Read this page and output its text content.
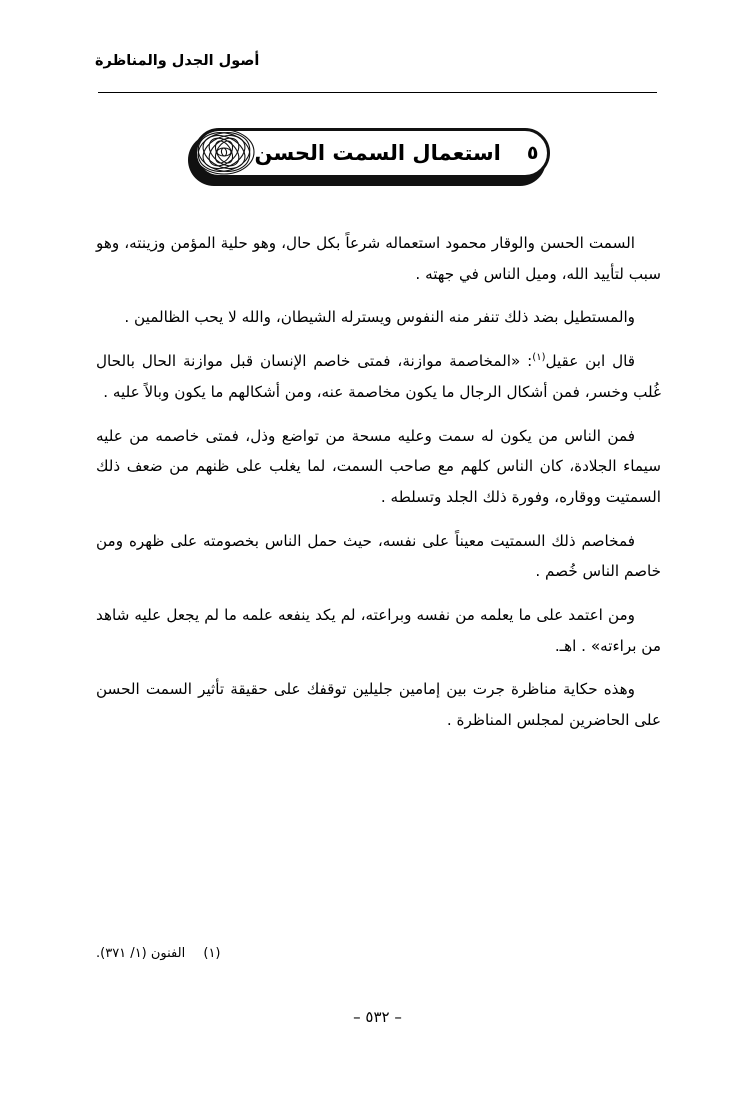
أصول الجدل والمناظرة
٥
استعمال السمت الحسن

السمت الحسن والوقار محمود استعماله شرعاً بكل حال، وهو حلية المؤمن وزينته، وهو سبب لتأييد الله، وميل الناس في جهته .

والمستطيل بضد ذلك تنفر منه النفوس ويسترله الشيطان، والله لا يحب الظالمين .

قال ابن عقيل$^{(١)}$: «المخاصمة موازنة، فمتى خاصم الإنسان قبل موازنة الحال بالحال غُلب وخسر، فمن أشكال الرجال ما يكون مخاصمة عنه، ومن أشكالهم ما يكون وبالاً عليه .

فمن الناس من يكون له سمت وعليه مسحة من تواضع وذل، فمتى خاصمه من عليه سيماء الجلادة، كان الناس كلهم مع صاحب السمت، لما يغلب على ظنهم من ضعف ذلك السمتيت ووقاره، وفورة ذلك الجلد وتسلطه .

فمخاصم ذلك السمتيت معيناً على نفسه، حيث حمل الناس بخصومته على ظهره ومن خاصم الناس خُصم .

ومن اعتمد على ما يعلمه من نفسه وبراعته، لم يكد ينفعه علمه ما لم يجعل عليه شاهد من براءته» . اهـ.

وهذه حكاية مناظرة جرت بين إمامين جليلين توقفك على حقيقة تأثير السمت الحسن على الحاضرين لمجلس المناظرة .

(١) الفنون (١/ ٣٧١).
– ٥٣٢ –
